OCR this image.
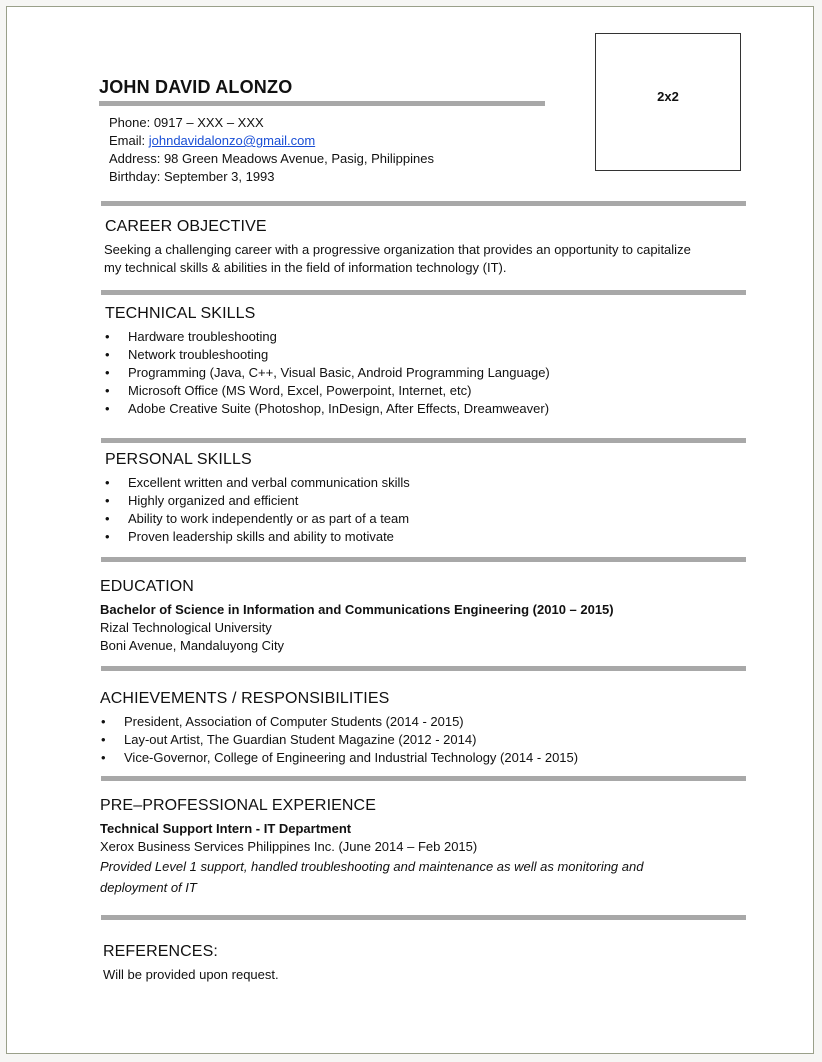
JOHN DAVID ALONZO	2x2
Phone: 0917 – XXX – XXX
Email: johndavidalonzo@gmail.com
Address: 98 Green Meadows Avenue, Pasig, Philippines
Birthday: September 3, 1993
CAREER OBJECTIVE
Seeking a challenging career with a progressive organization that provides an opportunity to capitalize
my technical skills & abilities in the field of information technology (IT).
TECHNICAL SKILLS
• Hardware troubleshooting
• Network troubleshooting
• Programming (Java, C++, Visual Basic, Android Programming Language)
• Microsoft Office (MS Word, Excel, Powerpoint, Internet, etc)
• Adobe Creative Suite (Photoshop, InDesign, After Effects, Dreamweaver)
PERSONAL SKILLS
• Excellent written and verbal communication skills
• Highly organized and efficient
• Ability to work independently or as part of a team
• Proven leadership skills and ability to motivate
EDUCATION
Bachelor of Science in Information and Communications Engineering (2010 – 2015)
Rizal Technological University
Boni Avenue, Mandaluyong City
ACHIEVEMENTS / RESPONSIBILITIES
• President, Association of Computer Students (2014 - 2015)
• Lay-out Artist, The Guardian Student Magazine (2012 - 2014)
• Vice-Governor, College of Engineering and Industrial Technology (2014 - 2015)
PRE–PROFESSIONAL EXPERIENCE
Technical Support Intern - IT Department
Xerox Business Services Philippines Inc. (June 2014 – Feb 2015)
Provided Level 1 support, handled troubleshooting and maintenance as well as monitoring and
deployment of IT
REFERENCES:
Will be provided upon request.
